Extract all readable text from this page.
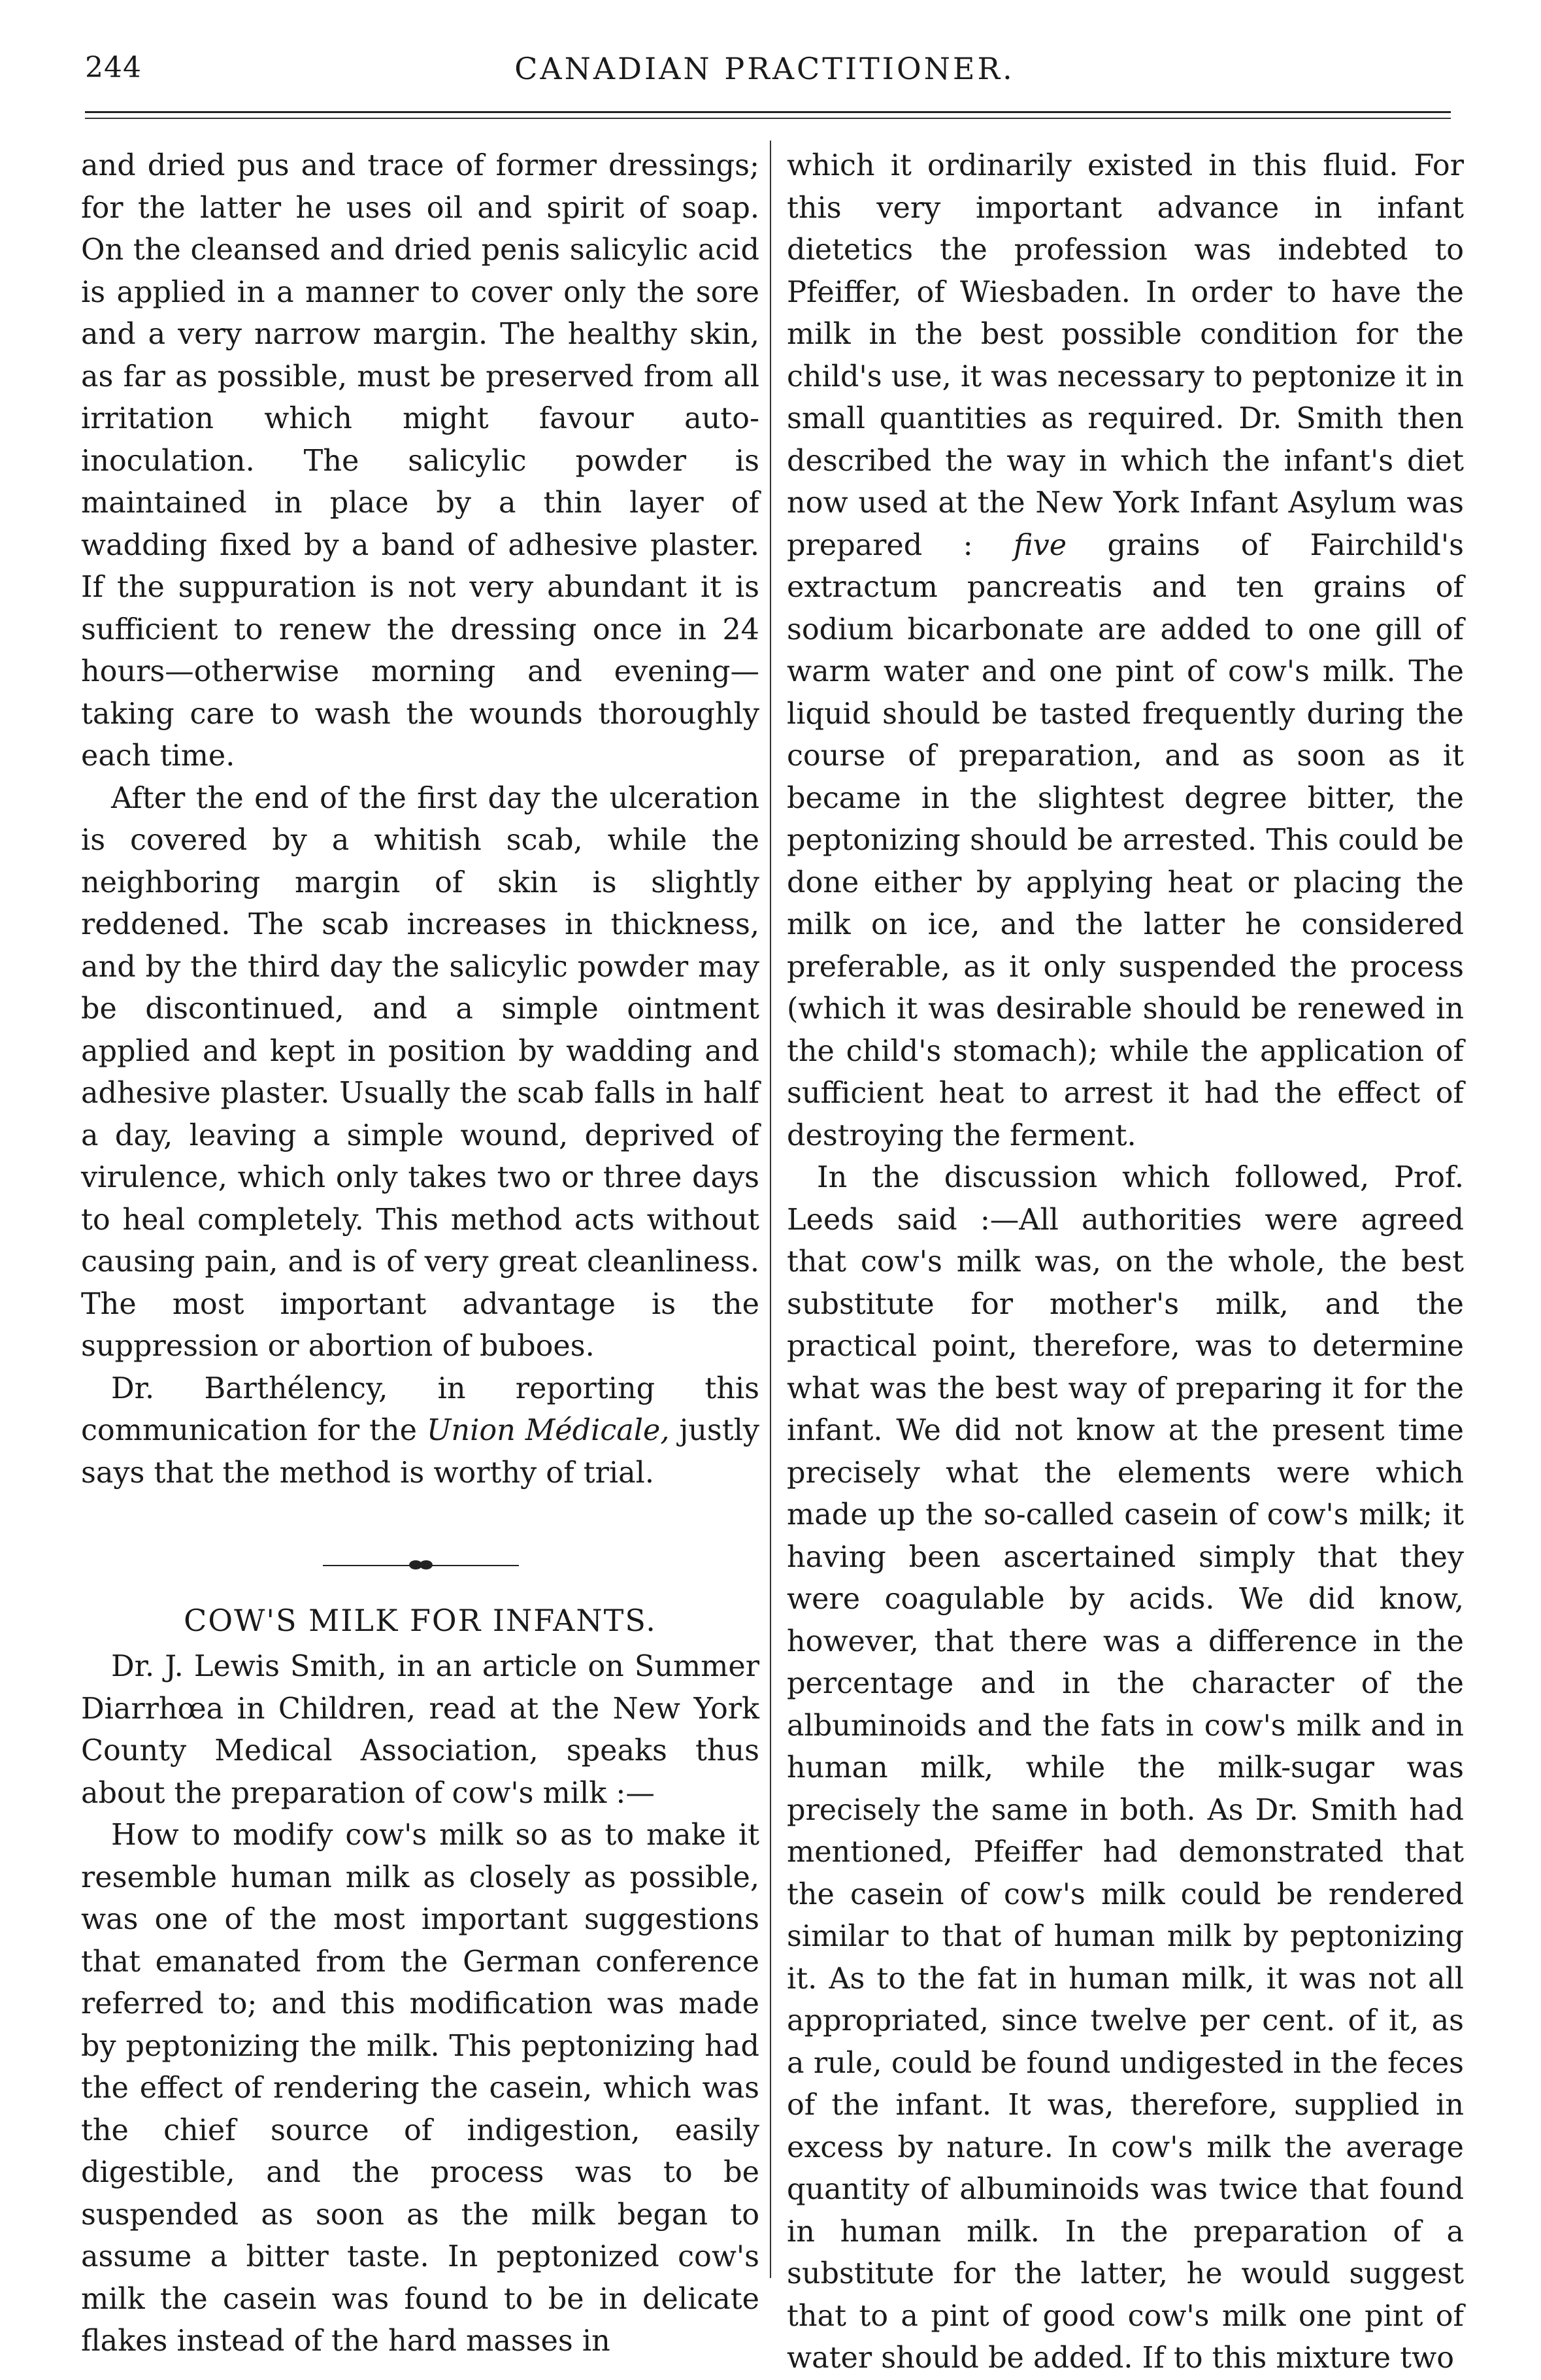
244	CANADIAN PRACTITIONER.

and dried pus and trace of former dressings; for the latter he uses oil and spirit of soap. On the cleansed and dried penis salicylic acid is applied in a manner to cover only the sore and a very narrow margin. The healthy skin, as far as possible, must be preserved from all irritation which might favour auto-inoculation. The salicylic powder is maintained in place by a thin layer of wadding fixed by a band of adhesive plaster. If the suppuration is not very abundant it is sufficient to renew the dressing once in 24 hours—otherwise morning and evening—taking care to wash the wounds thoroughly each time.

After the end of the first day the ulceration is covered by a whitish scab, while the neighboring margin of skin is slightly reddened. The scab increases in thickness, and by the third day the salicylic powder may be discontinued, and a simple ointment applied and kept in position by wadding and adhesive plaster. Usually the scab falls in half a day, leaving a simple wound, deprived of virulence, which only takes two or three days to heal completely. This method acts without causing pain, and is of very great cleanliness. The most important advantage is the suppression or abortion of buboes.

Dr. Barthélency, in reporting this communication for the Union Médicale, justly says that the method is worthy of trial.

COW'S MILK FOR INFANTS.

Dr. J. Lewis Smith, in an article on Summer Diarrhœa in Children, read at the New York County Medical Association, speaks thus about the preparation of cow's milk :—

How to modify cow's milk so as to make it resemble human milk as closely as possible, was one of the most important suggestions that emanated from the German conference referred to; and this modification was made by peptonizing the milk. This peptonizing had the effect of rendering the casein, which was the chief source of indigestion, easily digestible, and the process was to be suspended as soon as the milk began to assume a bitter taste. In peptonized cow's milk the casein was found to be in delicate flakes instead of the hard masses in

which it ordinarily existed in this fluid. For this very important advance in infant dietetics the profession was indebted to Pfeiffer, of Wiesbaden. In order to have the milk in the best possible condition for the child's use, it was necessary to peptonize it in small quantities as required. Dr. Smith then described the way in which the infant's diet now used at the New York Infant Asylum was prepared : five grains of Fairchild's extractum pancreatis and ten grains of sodium bicarbonate are added to one gill of warm water and one pint of cow's milk. The liquid should be tasted frequently during the course of preparation, and as soon as it became in the slightest degree bitter, the peptonizing should be arrested. This could be done either by applying heat or placing the milk on ice, and the latter he considered preferable, as it only suspended the process (which it was desirable should be renewed in the child's stomach); while the application of sufficient heat to arrest it had the effect of destroying the ferment.

In the discussion which followed, Prof. Leeds said :—All authorities were agreed that cow's milk was, on the whole, the best substitute for mother's milk, and the practical point, therefore, was to determine what was the best way of preparing it for the infant. We did not know at the present time precisely what the elements were which made up the so-called casein of cow's milk; it having been ascertained simply that they were coagulable by acids. We did know, however, that there was a difference in the percentage and in the character of the albuminoids and the fats in cow's milk and in human milk, while the milk-sugar was precisely the same in both. As Dr. Smith had mentioned, Pfeiffer had demonstrated that the casein of cow's milk could be rendered similar to that of human milk by peptonizing it. As to the fat in human milk, it was not all appropriated, since twelve per cent. of it, as a rule, could be found undigested in the feces of the infant. It was, therefore, supplied in excess by nature. In cow's milk the average quantity of albuminoids was twice that found in human milk. In the preparation of a substitute for the latter, he would suggest that to a pint of good cow's milk one pint of water should be added. If to this mixture two
